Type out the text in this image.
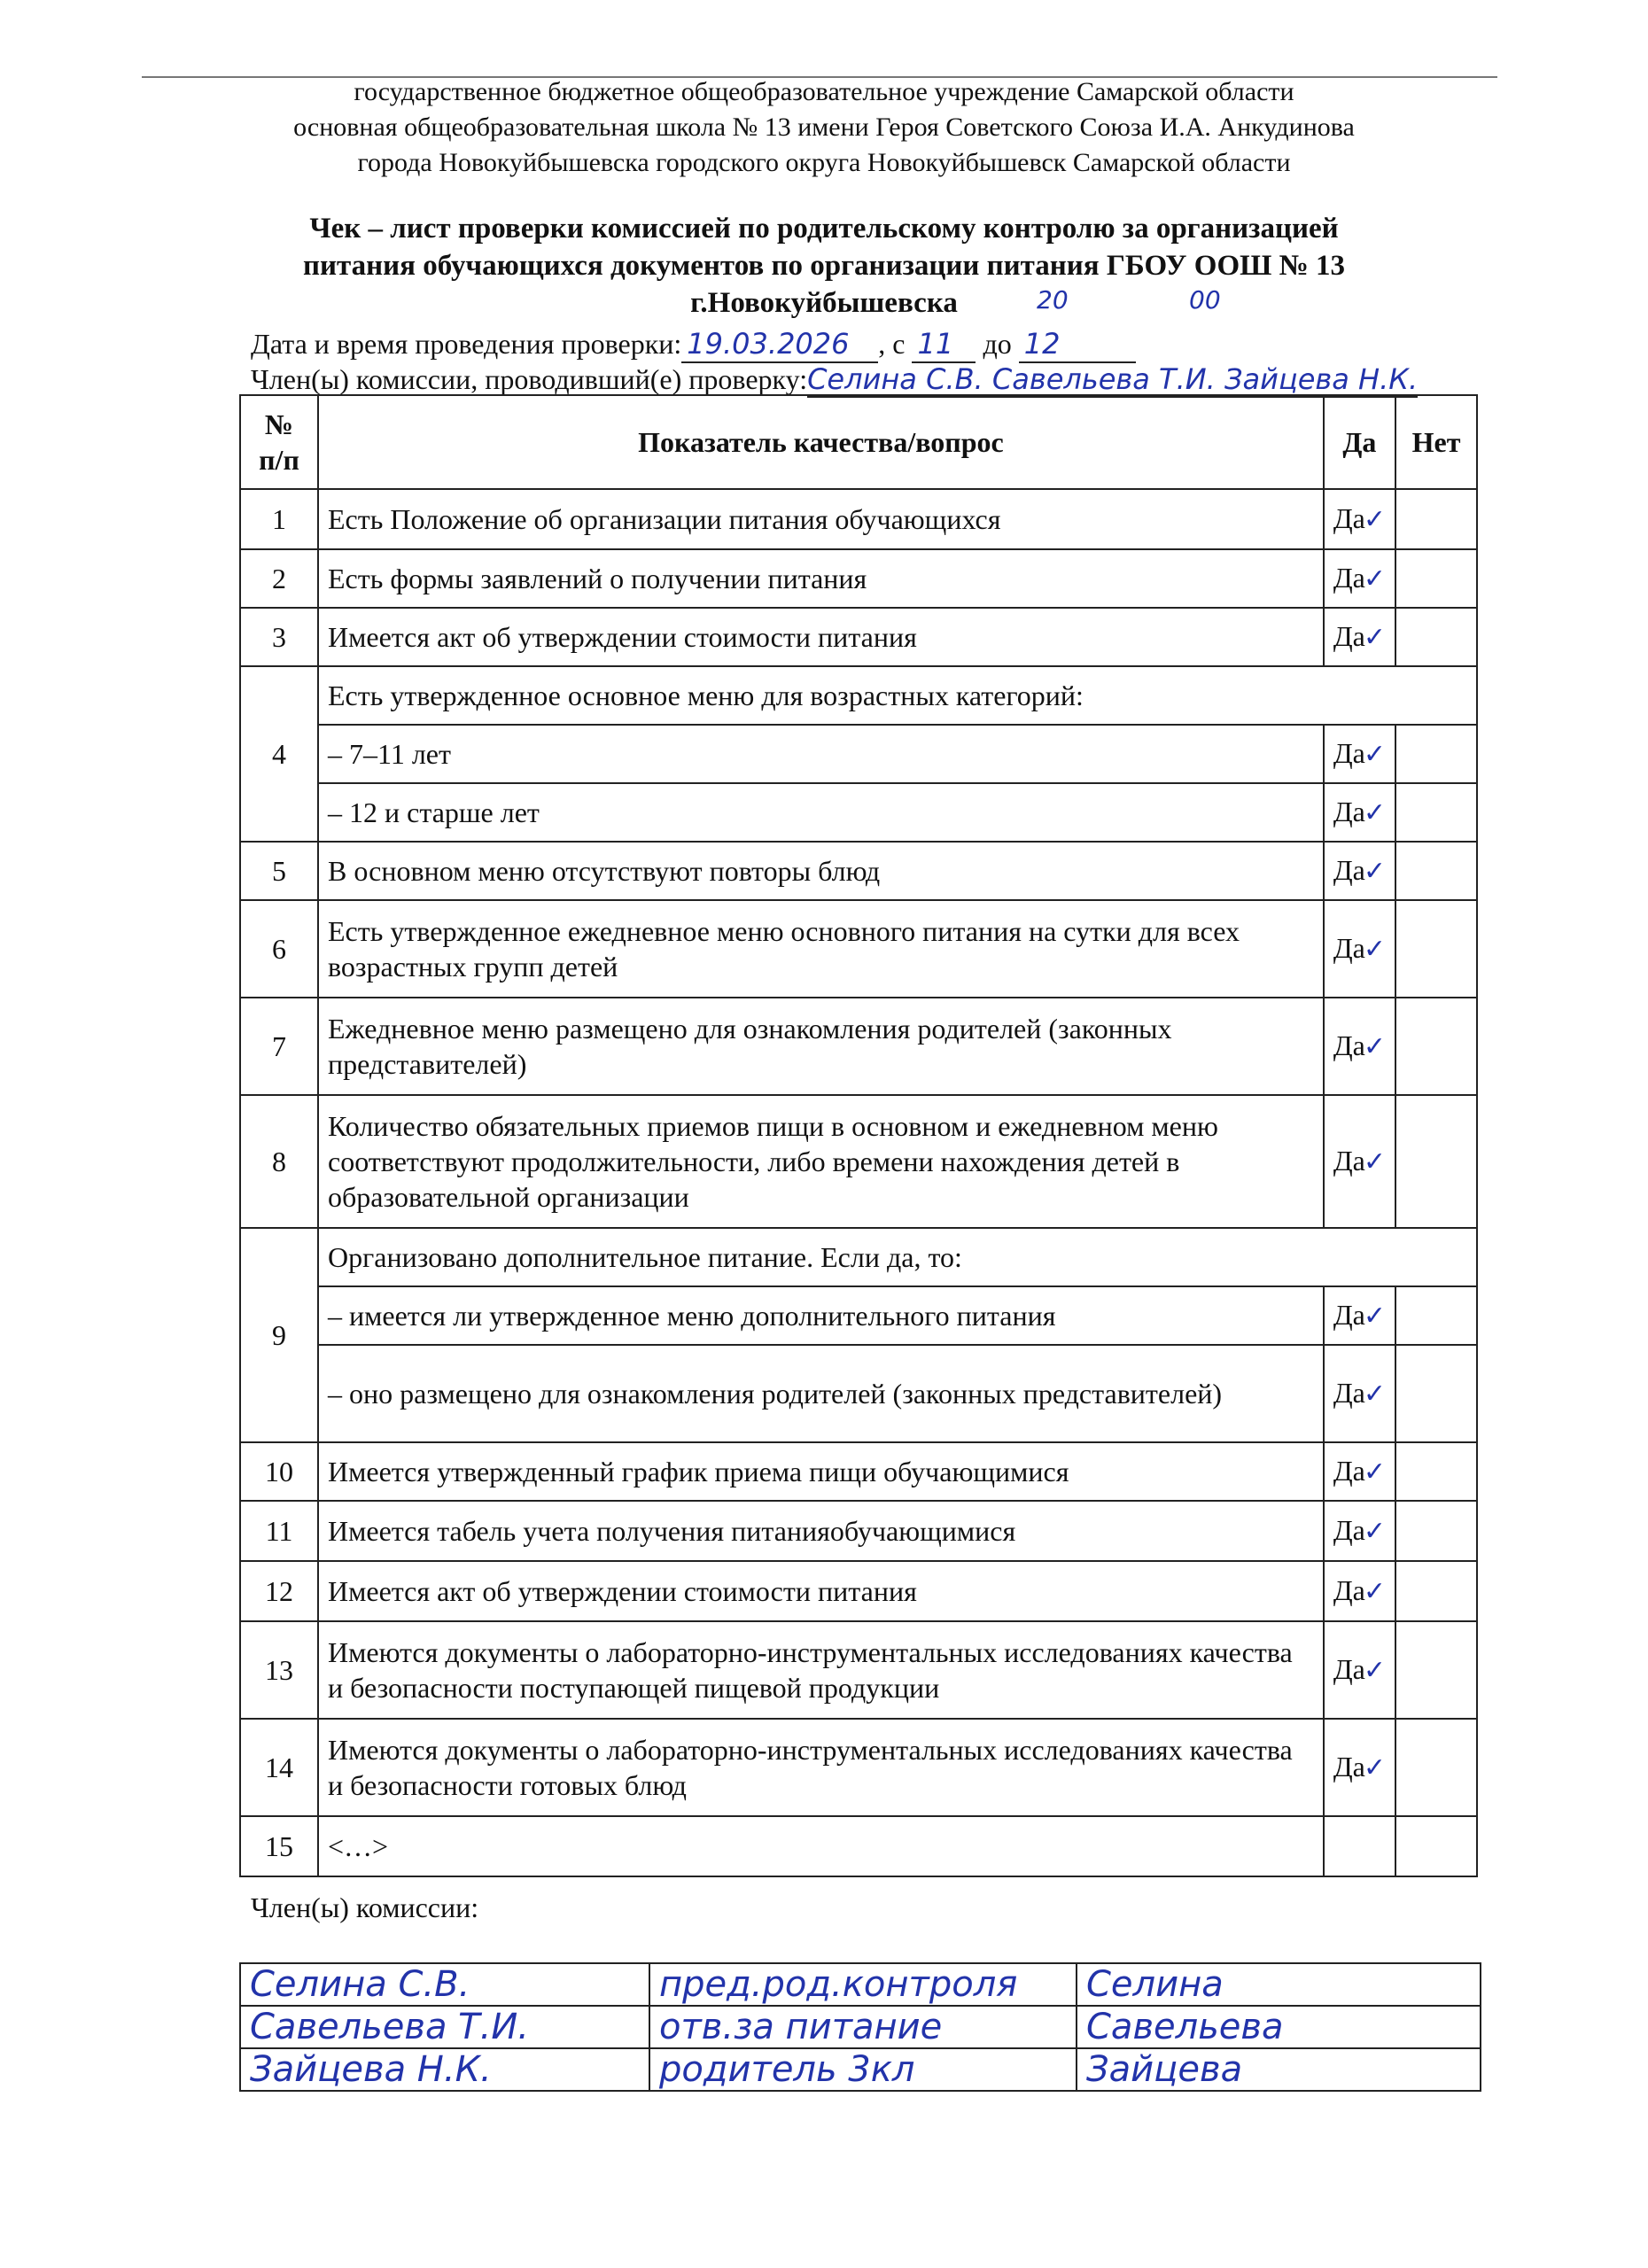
государственное бюджетное общеобразовательное учреждение Самарской области
основная общеобразовательная школа № 13 имени Героя Советского Союза И.А. Анкудинова
города Новокуйбышевска городского округа Новокуйбышевск Самарской области
Чек – лист проверки комиссией по родительскому контролю за организацией
питания обучающихся документов по организации питания ГБОУ ООШ № 13
г.Новокуйбышевска	20	00
Дата и время проведения проверки: 19.03.2026 , с 11 до 12
Член(ы) комиссии, проводивший(е) проверку:Селина С.В. Савельева Т.И. Зайцева Н.К.
№ п/п	Показатель качества/вопрос	Да	Нет
1	Есть Положение об организации питания обучающихся	Да✓	
2	Есть формы заявлений о получении питания	Да✓	
3	Имеется акт об утверждении стоимости питания	Да✓	
4	Есть утвержденное основное меню для возрастных категорий:		
	– 7–11 лет	Да✓	
	– 12 и старше лет	Да✓	
5	В основном меню отсутствуют повторы блюд	Да✓	
6	Есть утвержденное ежедневное меню основного питания на сутки для всех возрастных групп детей	Да✓	
7	Ежедневное меню размещено для ознакомления родителей (законных представителей)	Да✓	
8	Количество обязательных приемов пищи в основном и ежедневном меню соответствуют продолжительности, либо времени нахождения детей в образовательной организации	Да✓	
9	Организовано дополнительное питание. Если да, то:		
	– имеется ли утвержденное меню дополнительного питания	Да✓	
	– оно размещено для ознакомления родителей (законных представителей)	Да✓	
10	Имеется утвержденный график приема пищи обучающимися	Да✓	
11	Имеется табель учета получения питанияобучающимися	Да✓	
12	Имеется акт об утверждении стоимости питания	Да✓	
13	Имеются документы о лабораторно-инструментальных исследованиях качества и безопасности поступающей пищевой продукции	Да✓	
14	Имеются документы о лабораторно-инструментальных исследованиях качества и безопасности готовых блюд	Да✓	
15	<…>		
Член(ы) комиссии:
Селина С.В.	пред.род.контроля	Селина
Савельева Т.И.	отв.за питание	Савельева
Зайцева Н.К.	родитель 3кл	Зайцева
